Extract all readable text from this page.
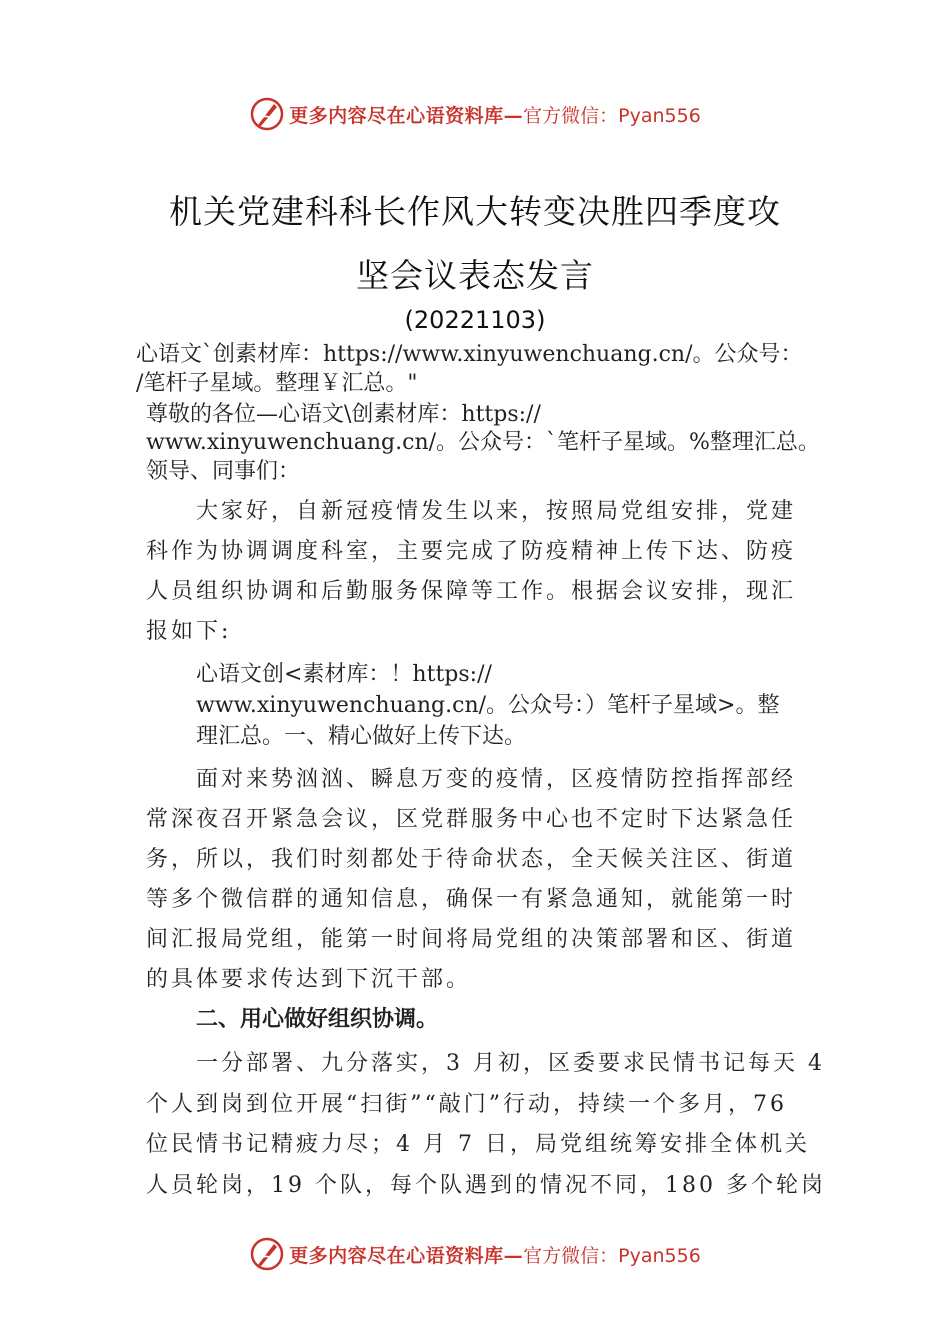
更多内容尽在心语资料库— 官方微信：Pyan556
机关党建科科长作风大转变决胜四季度攻
坚会议表态发言
(20221103)
心语文`创素材库：https://www.xinyuwenchuang.cn/。公众号：
/笔杆子星域。整理￥汇总。"
尊敬的各位—心语文\创素材库：https://
www.xinyuwenchuang.cn/。公众号：`笔杆子星域。%整理汇总。
领导、同事们：
大家好，自新冠疫情发生以来，按照局党组安排，党建
科作为协调调度科室，主要完成了防疫精神上传下达、防疫
人员组织协调和后勤服务保障等工作。根据会议安排，现汇
报如下:
心语文创<素材库：！https://
www.xinyuwenchuang.cn/。公众号：）笔杆子星域>。整
理汇总。一、精心做好上传下达。
面对来势汹汹、瞬息万变的疫情，区疫情防控指挥部经
常深夜召开紧急会议，区党群服务中心也不定时下达紧急任
务，所以，我们时刻都处于待命状态，全天候关注区、街道
等多个微信群的通知信息，确保一有紧急通知，就能第一时
间汇报局党组，能第一时间将局党组的决策部署和区、街道
的具体要求传达到下沉干部。
二、用心做好组织协调。
一分部署、九分落实，3 月初，区委要求民情书记每天 4
个人到岗到位开展“扫街”“敲门”行动，持续一个多月，76
位民情书记精疲力尽；4 月 7 日，局党组统筹安排全体机关
人员轮岗，19 个队，每个队遇到的情况不同，180 多个轮岗
更多内容尽在心语资料库— 官方微信：Pyan556
